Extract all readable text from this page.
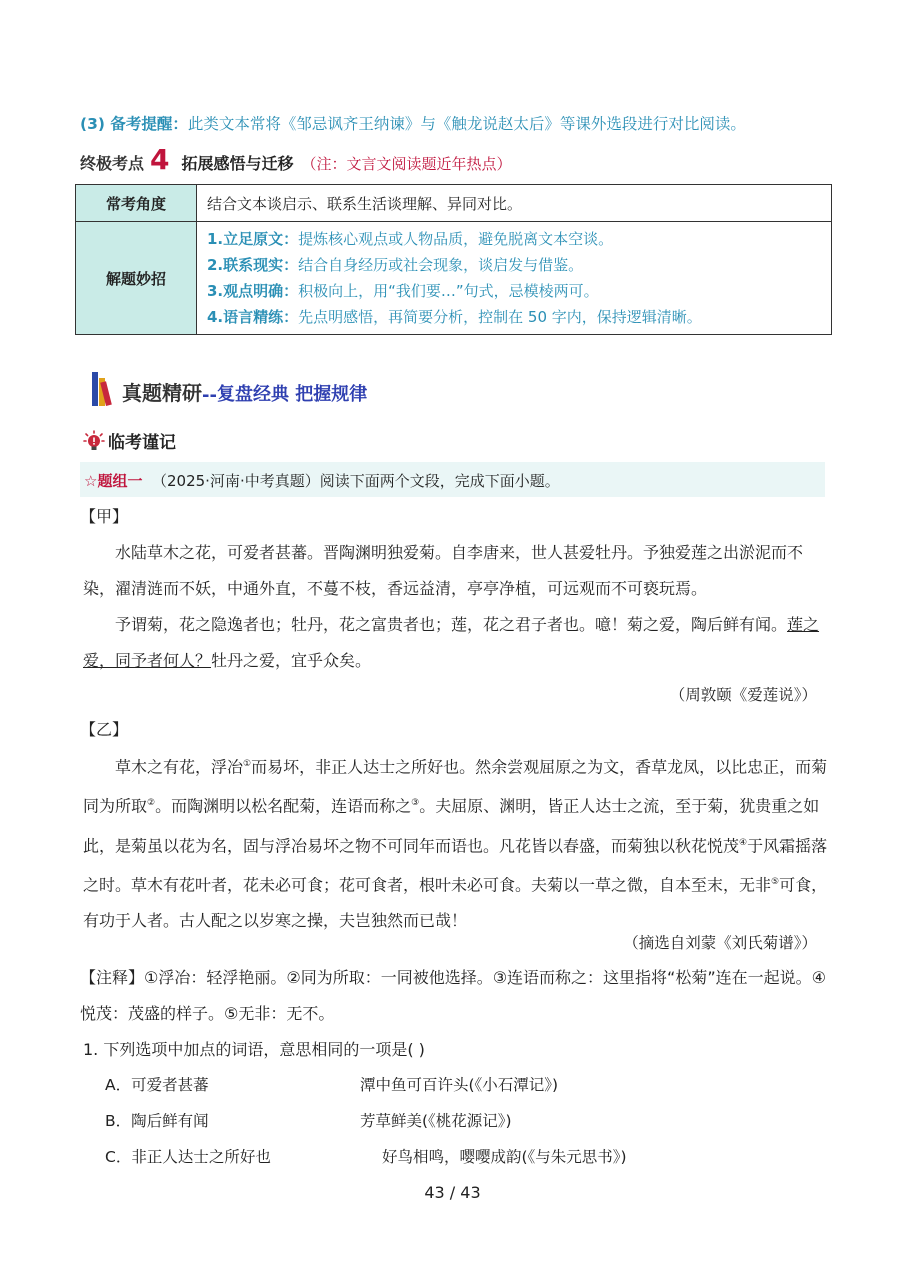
(3) 备考提醒：此类文本常将《邹忌讽齐王纳谏》与《触龙说赵太后》等课外选段进行对比阅读。
终极考点 4 拓展感悟与迁移 （注：文言文阅读题近年热点）
常考角度	结合文本谈启示、联系生活谈理解、异同对比。
解题妙招	1.立足原文：提炼核心观点或人物品质，避免脱离文本空谈。
2.联系现实：结合自身经历或社会现象，谈启发与借鉴。
3.观点明确：积极向上，用“我们要…”句式，忌模棱两可。
4.语言精练：先点明感悟，再简要分析，控制在 50 字内，保持逻辑清晰。
真题精研 -- 复盘经典 把握规律
临考谨记
☆题组一 （2025·河南·中考真题）阅读下面两个文段，完成下面小题。
【甲】
水陆草木之花，可爱者甚蕃。晋陶渊明独爱菊。自李唐来，世人甚爱牡丹。予独爱莲之出淤泥而不染，濯清涟而不妖，中通外直，不蔓不枝，香远益清，亭亭净植，可远观而不可亵玩焉。
予谓菊，花之隐逸者也；牡丹，花之富贵者也；莲，花之君子者也。噫！菊之爱，陶后鲜有闻。莲之爱，同予者何人？牡丹之爱，宜乎众矣。
（周敦颐《爱莲说》）
【乙】
草木之有花，浮冶①而易坏，非正人达士之所好也。然余尝观屈原之为文，香草龙凤，以比忠正，而菊同为所取②。而陶渊明以松名配菊，连语而称之③。夫屈原、渊明，皆正人达士之流，至于菊，犹贵重之如此，是菊虽以花为名，固与浮冶易坏之物不可同年而语也。凡花皆以春盛，而菊独以秋花悦茂④于风霜摇落之时。草木有花叶者，花未必可食；花可食者，根叶未必可食。夫菊以一草之微，自本至末，无非⑤可食，有功于人者。古人配之以岁寒之操，夫岂独然而已哉！
（摘选自刘蒙《刘氏菊谱》）
【注释】①浮冶：轻浮艳丽。②同为所取：一同被他选择。③连语而称之：这里指将“松菊”连在一起说。④悦茂：茂盛的样子。⑤无非：无不。
1. 下列选项中加点的词语，意思相同的一项是( )
A．可爱者甚蕃	潭中鱼可百许头(《小石潭记》)
B．陶后鲜有闻	芳草鲜美(《桃花源记》)
C．非正人达士之所好也	好鸟相鸣，嘤嘤成韵(《与朱元思书》)
43 / 43
